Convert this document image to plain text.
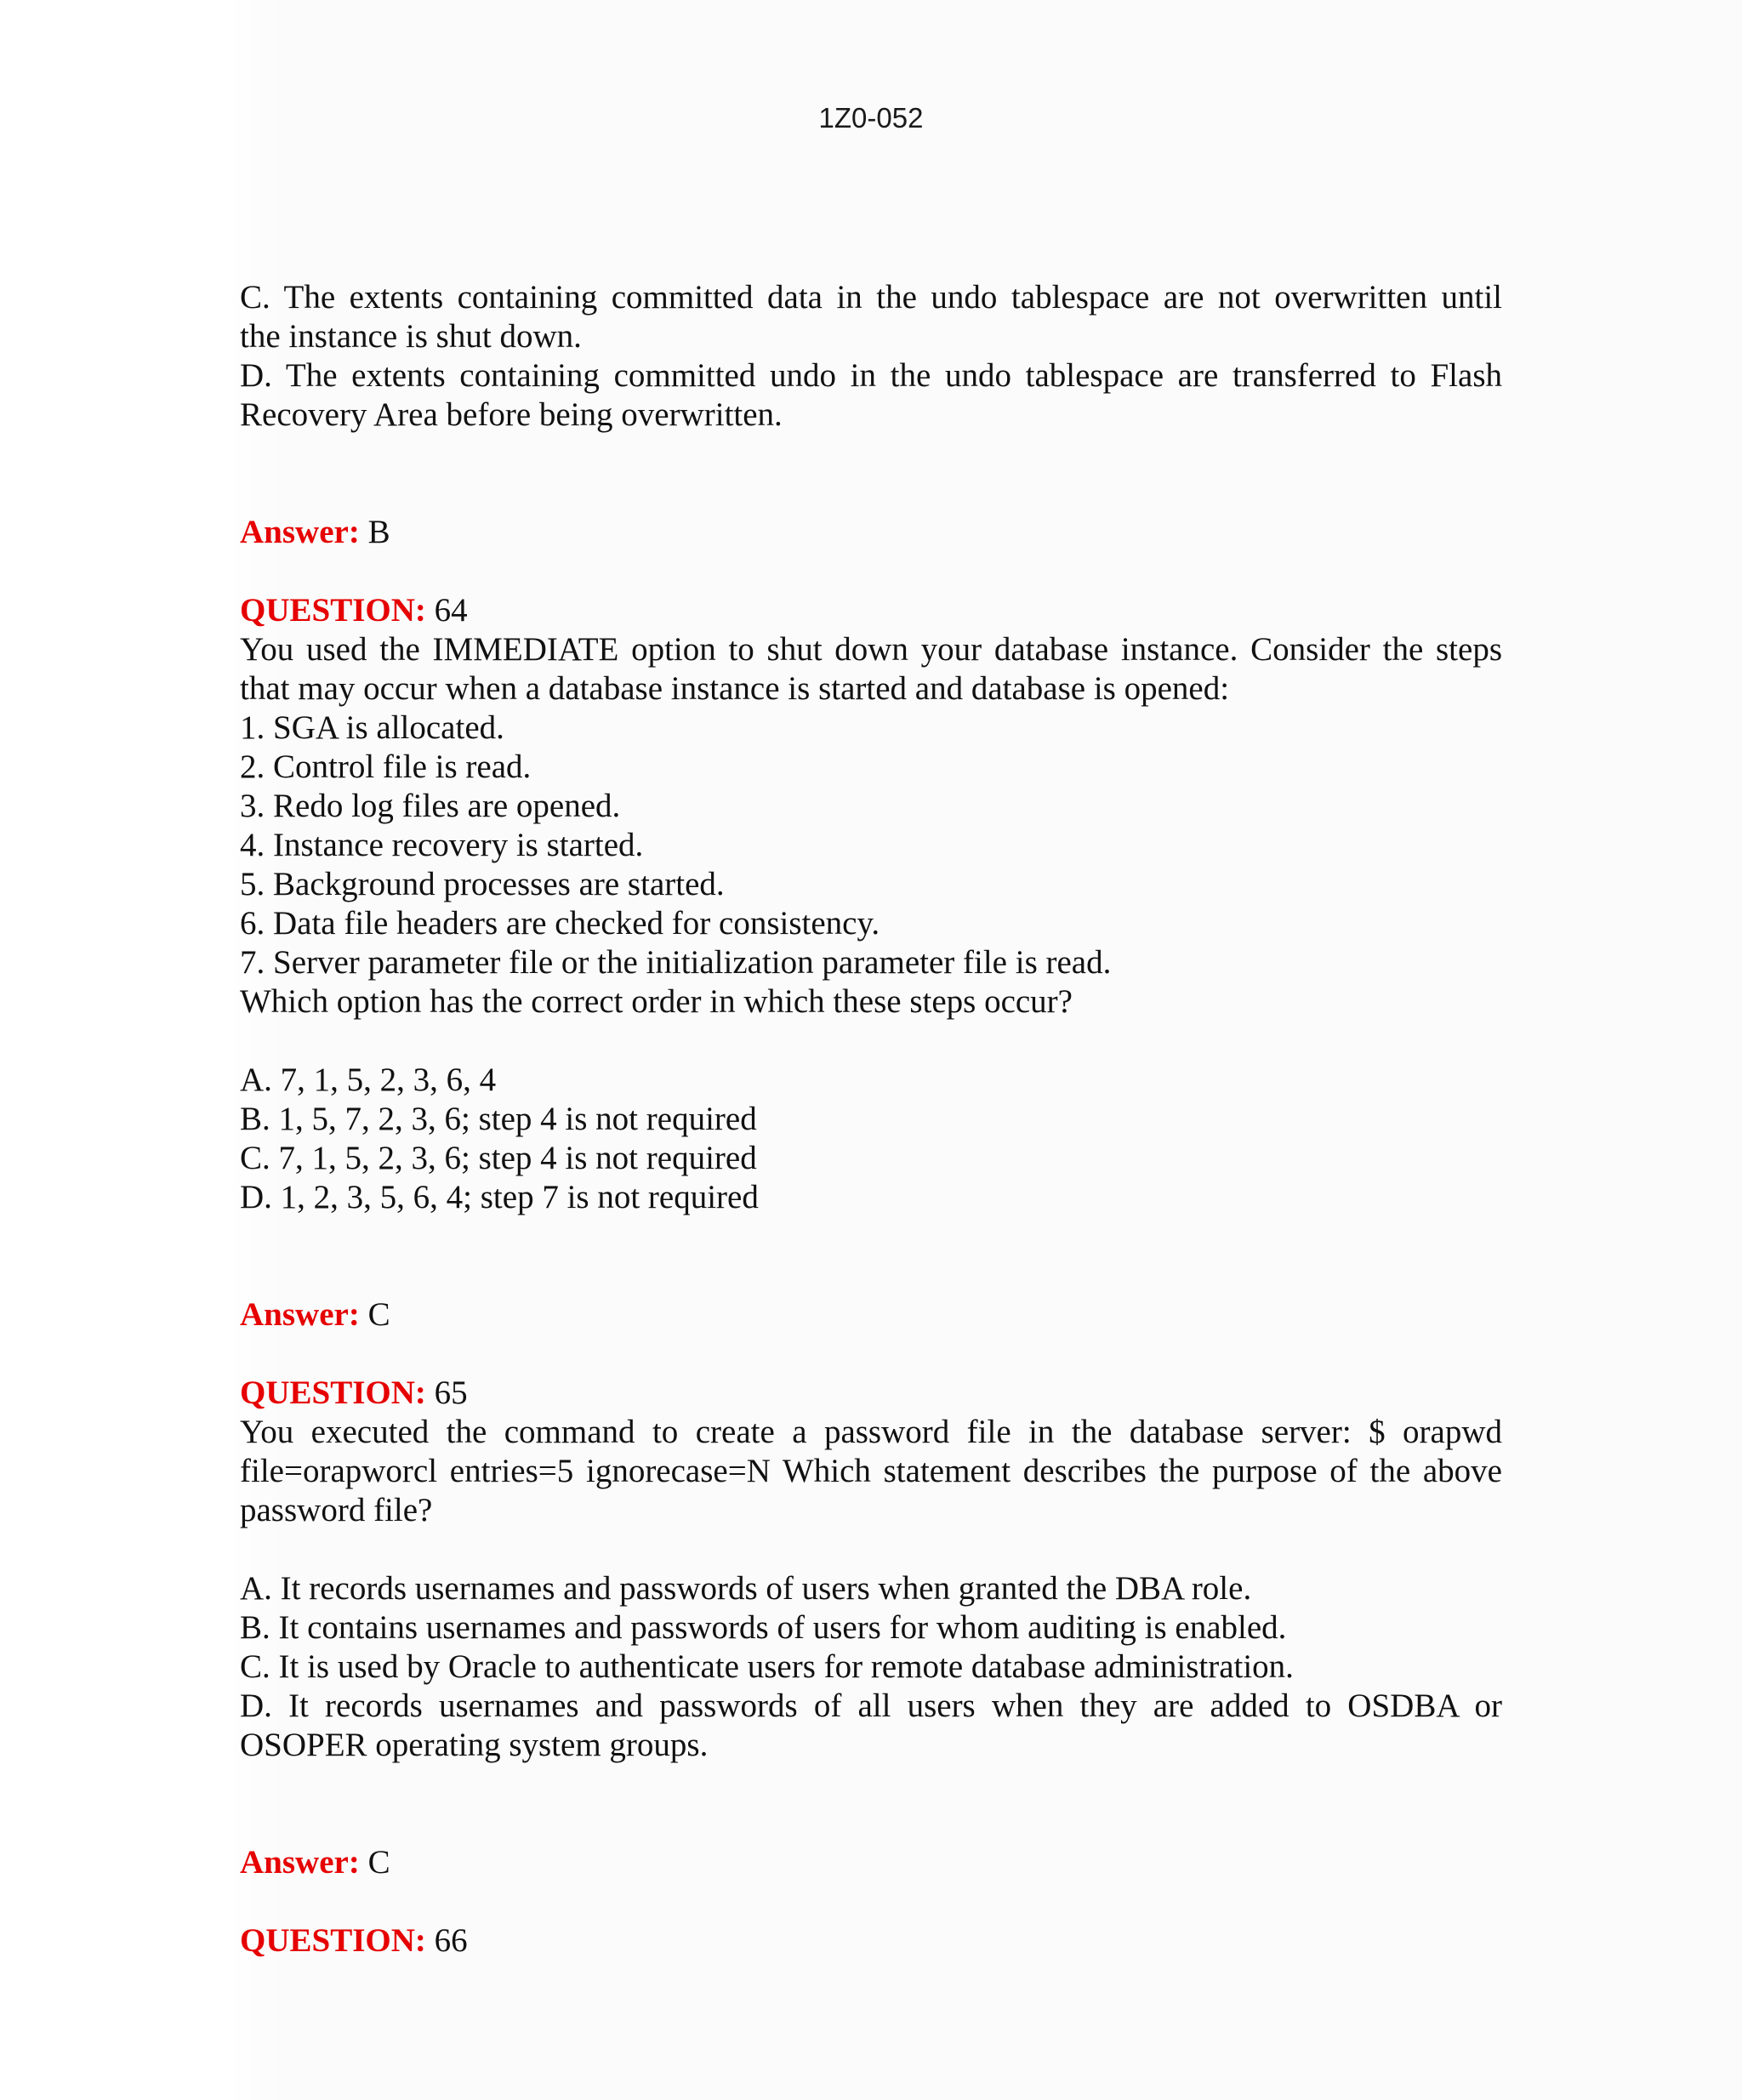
1Z0-052
C. The extents containing committed data in the undo tablespace are not overwritten until
the instance is shut down.
D. The extents containing committed undo in the undo tablespace are transferred to Flash
Recovery Area before being overwritten.
Answer: B
QUESTION: 64
You used the IMMEDIATE option to shut down your database instance. Consider the steps
that may occur when a database instance is started and database is opened:
1. SGA is allocated.
2. Control file is read.
3. Redo log files are opened.
4. Instance recovery is started.
5. Background processes are started.
6. Data file headers are checked for consistency.
7. Server parameter file or the initialization parameter file is read.
Which option has the correct order in which these steps occur?
A. 7, 1, 5, 2, 3, 6, 4
B. 1, 5, 7, 2, 3, 6; step 4 is not required
C. 7, 1, 5, 2, 3, 6; step 4 is not required
D. 1, 2, 3, 5, 6, 4; step 7 is not required
Answer: C
QUESTION: 65
You executed the command to create a password file in the database server: $ orapwd
file=orapworcl entries=5 ignorecase=N Which statement describes the purpose of the above
password file?
A. It records usernames and passwords of users when granted the DBA role.
B. It contains usernames and passwords of users for whom auditing is enabled.
C. It is used by Oracle to authenticate users for remote database administration.
D. It records usernames and passwords of all users when they are added to OSDBA or
OSOPER operating system groups.
Answer: C
QUESTION: 66
